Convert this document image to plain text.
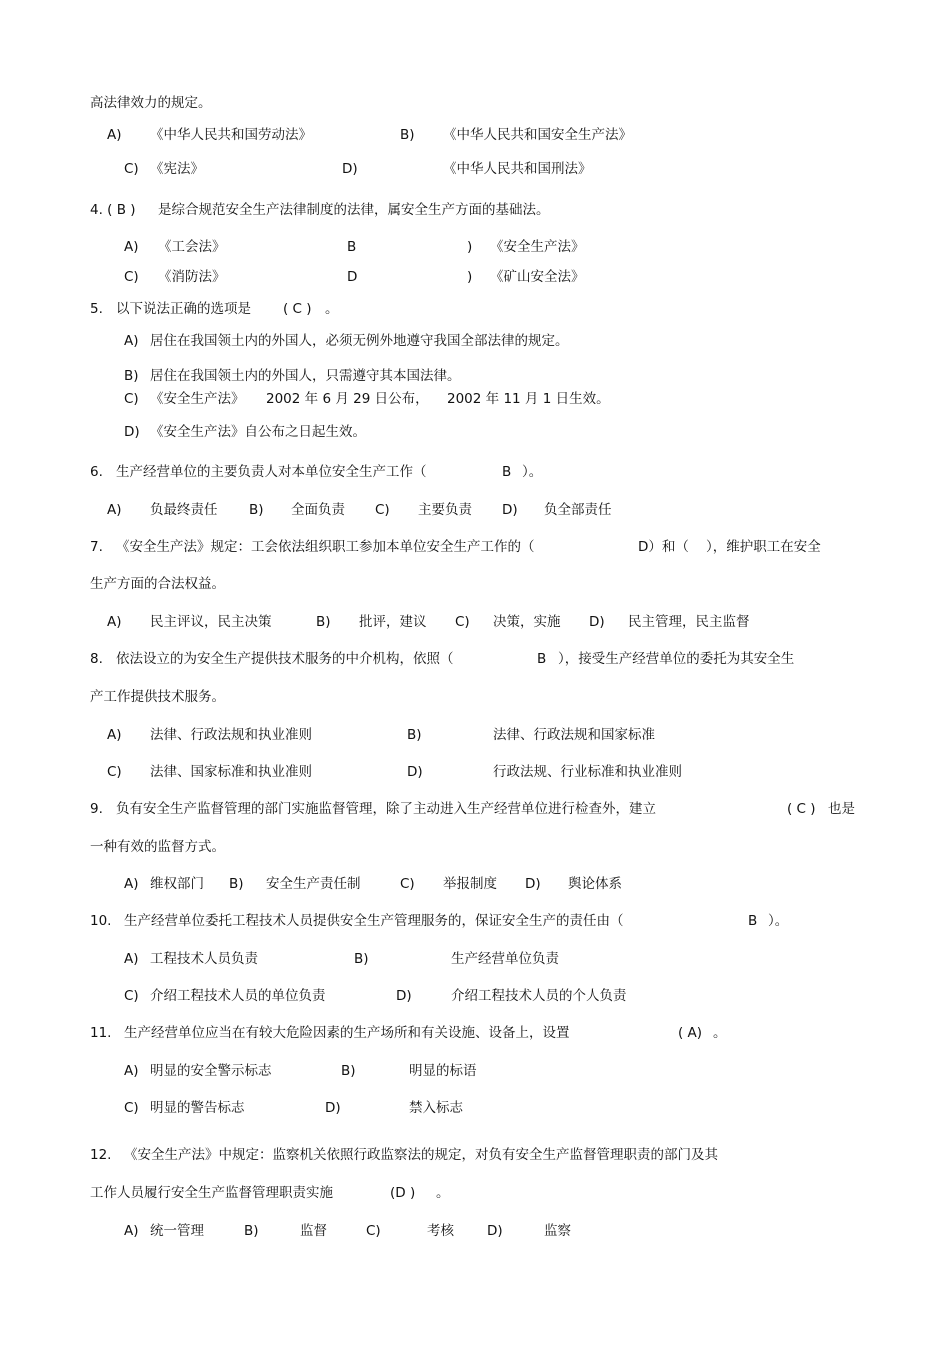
高法律效力的规定。
A) 《中华人民共和国劳动法》	B) 《中华人民共和国安全生产法》
C) 《宪法》	D)	《中华人民共和国刑法》
4. ( B ) 是综合规范安全生产法律制度的法律，属安全生产方面的基础法。
A) 《工会法》	B	) 《安全生产法》
C) 《消防法》	D	) 《矿山安全法》
5. 以下说法正确的选项是 ( C ) 。
A) 居住在我国领土内的外国人，必须无例外地遵守我国全部法律的规定。
B) 居住在我国领土内的外国人，只需遵守其本国法律。
C) 《安全生产法》 2002 年 6 月 29 日公布， 2002 年 11 月 1 日生效。
D) 《安全生产法》自公布之日起生效。
6. 生产经营单位的主要负责人对本单位安全生产工作（	B ）。
A) 负最终责任 B) 全面负责 C) 主要负责 D) 负全部责任
7. 《安全生产法》规定：工会依法组织职工参加本单位安全生产工作的（	D）和（ ），维护职工在安全
生产方面的合法权益。
A) 民主评议，民主决策	B) 批评，建议 C) 决策，实施 D) 民主管理，民主监督
8. 依法设立的为安全生产提供技术服务的中介机构，依照（	B ），接受生产经营单位的委托为其安全生
产工作提供技术服务。
A) 法律、行政法规和执业准则	B)	法律、行政法规和国家标准
C) 法律、国家标准和执业准则	D)	行政法规、行业标准和执业准则
9. 负有安全生产监督管理的部门实施监督管理，除了主动进入生产经营单位进行检查外，建立	( C ) 也是
一种有效的监督方式。
A) 维权部门 B) 安全生产责任制	C) 举报制度 D) 舆论体系
10. 生产经营单位委托工程技术人员提供安全生产管理服务的，保证安全生产的责任由（	B ）。
A) 工程技术人员负责	B)	生产经营单位负责
C) 介绍工程技术人员的单位负责	D)	介绍工程技术人员的个人负责
11. 生产经营单位应当在有较大危险因素的生产场所和有关设施、设备上，设置	( A) 。
A) 明显的安全警示标志	B)	明显的标语
C) 明显的警告标志	D)	禁入标志
12. 《安全生产法》中规定：监察机关依照行政监察法的规定，对负有安全生产监督管理职责的部门及其
工作人员履行安全生产监督管理职责实施	(D ) 。
A) 统一管理	B)	监督	C)	考核 D)	监察
